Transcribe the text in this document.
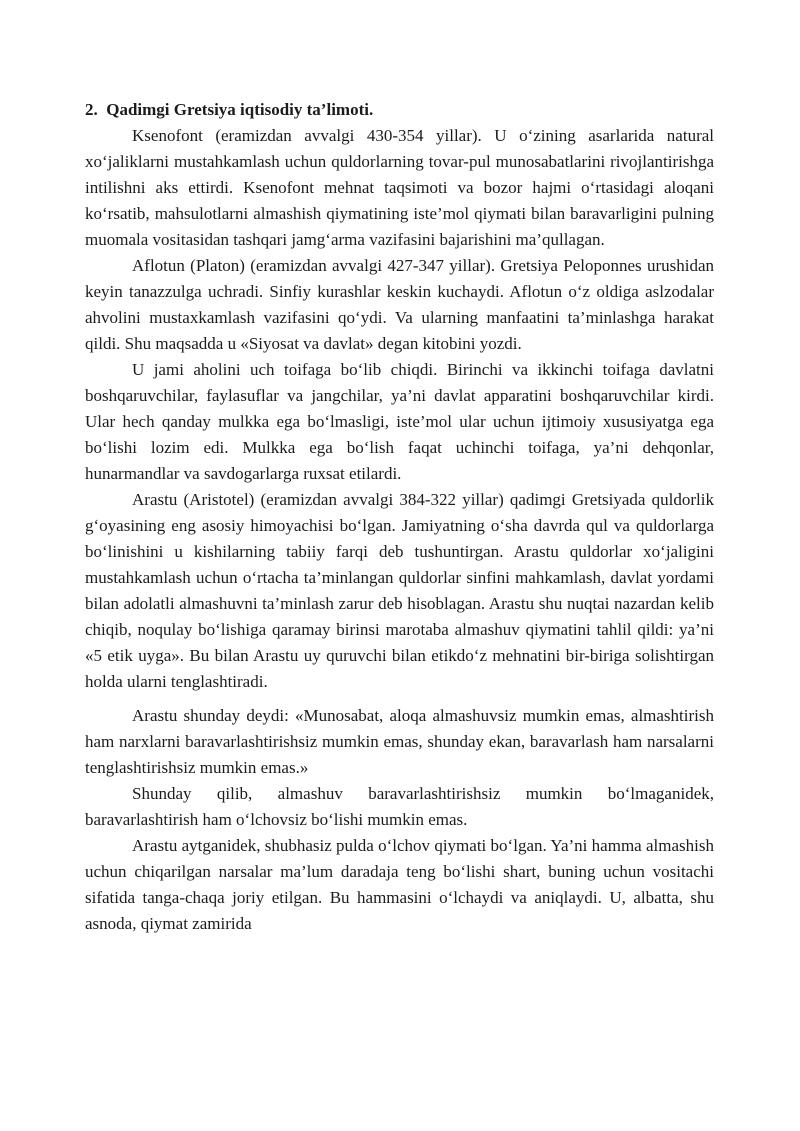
2.  Qadimgi Gretsiya iqtisodiy ta’limoti.

Ksenofont (eramizdan avvalgi 430-354 yillar). U o‘zining asarlarida natural xo‘jaliklarni mustahkamlash uchun quldorlarning tovar-pul munosabatlarini rivojlantirishga intilishni aks ettirdi. Ksenofont mehnat taqsimoti va bozor hajmi o‘rtasidagi aloqani ko‘rsatib, mahsulotlarni almashish qiymatining iste’mol qiymati bilan baravarligini pulning muomala vositasidan tashqari jamg‘arma vazifasini bajarishini ma’qullagan.

Aflotun (Platon) (eramizdan avvalgi 427-347 yillar). Gretsiya Peloponnes urushidan keyin tanazzulga uchradi. Sinfiy kurashlar keskin kuchaydi. Aflotun o‘z oldiga aslzodalar ahvolini mustaxkamlash vazifasini qo‘ydi. Va ularning manfaatini ta’minlashga harakat qildi. Shu maqsadda u «Siyosat va davlat» degan kitobini yozdi.

U jami aholini uch toifaga bo‘lib chiqdi. Birinchi va ikkinchi toifaga davlatni boshqaruvchilar, faylasuflar va jangchilar, ya’ni davlat apparatini boshqaruvchilar kirdi. Ular hech qanday mulkka ega bo‘lmasligi, iste’mol ular uchun ijtimoiy xususiyatga ega bo‘lishi lozim edi. Mulkka ega bo‘lish faqat uchinchi toifaga, ya’ni dehqonlar, hunarmandlar va savdogarlarga ruxsat etilardi.

Arastu (Aristotel) (eramizdan avvalgi 384-322 yillar) qadimgi Gretsiyada quldorlik g‘oyasining eng asosiy himoyachisi bo‘lgan. Jamiyatning o‘sha davrda qul va quldorlarga bo‘linishini u kishilarning tabiiy farqi deb tushuntirgan. Arastu quldorlar xo‘jaligini mustahkamlash uchun o‘rtacha ta’minlangan quldorlar sinfini mahkamlash, davlat yordami bilan adolatli almashuvni ta’minlash zarur deb hisoblagan. Arastu shu nuqtai nazardan kelib chiqib, noqulay bo‘lishiga qaramay birinsi marotaba almashuv qiymatini tahlil qildi: ya’ni «5 etik uyga». Bu bilan Arastu uy quruvchi bilan etikdo‘z mehnatini bir-biriga solishtirgan holda ularni tenglashtiradi.

Arastu shunday deydi: «Munosabat, aloqa almashuvsiz mumkin emas, almashtirish ham narxlarni baravarlashtirishsiz mumkin emas, shunday ekan, baravarlash ham narsalarni tenglashtirishsiz mumkin emas.»

Shunday qilib, almashuv baravarlashtirishsiz mumkin bo‘lmaganidek, baravarlashtirish ham o‘lchovsiz bo‘lishi mumkin emas.

Arastu aytganidek, shubhasiz pulda o‘lchov qiymati bo‘lgan. Ya’ni hamma almashish uchun chiqarilgan narsalar ma’lum daradaja teng bo‘lishi shart, buning uchun vositachi sifatida tanga-chaqa joriy etilgan. Bu hammasini o‘lchaydi va aniqlaydi. U, albatta, shu asnoda, qiymat zamirida
